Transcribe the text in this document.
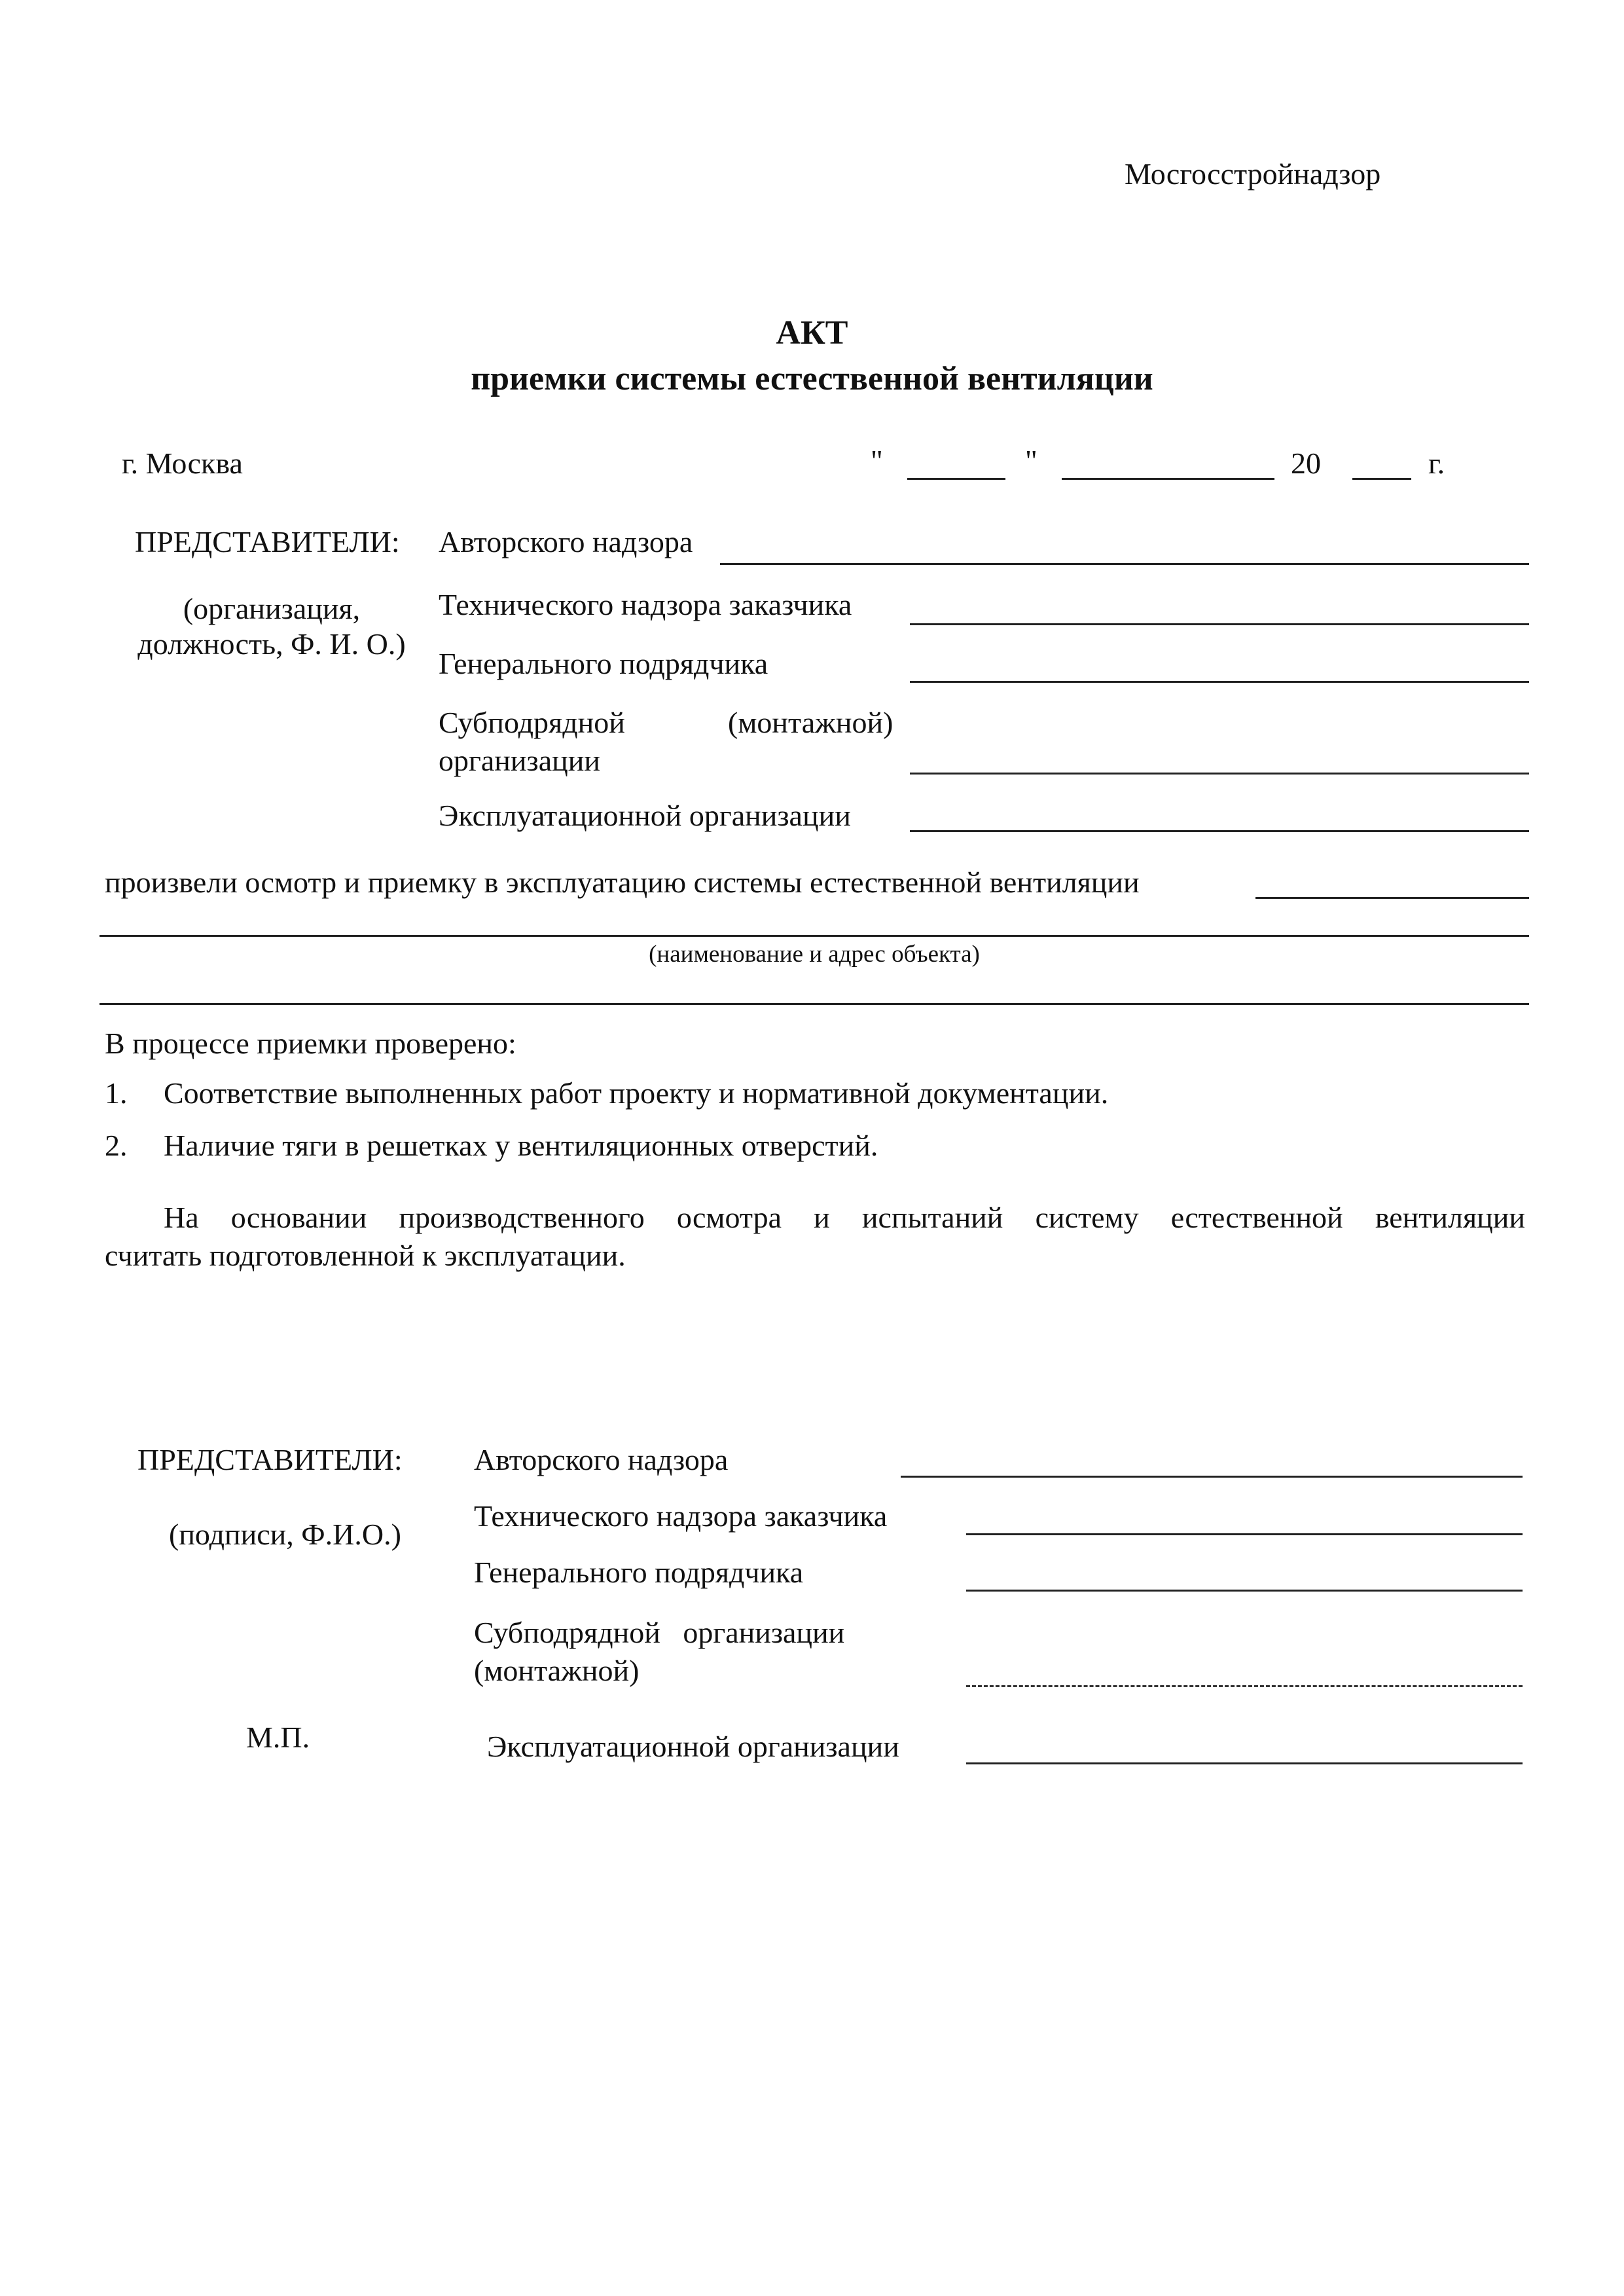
Мосгосстройнадзор
АКТ
приемки системы естественной вентиляции
г. Москва	"	"	20	г.
ПРЕДСТАВИТЕЛИ:
(организация,
должность, Ф. И. О.)
Авторского надзора
Технического надзора заказчика
Генерального подрядчика
Субподрядной	(монтажной)
организации
Эксплуатационной организации
произвели осмотр и приемку в эксплуатацию системы естественной вентиляции
(наименование и адрес объекта)
В процессе приемки проверено:
1. Соответствие выполненных работ проекту и нормативной документации.
2. Наличие тяги в решетках у вентиляционных отверстий.
На основании производственного осмотра и испытаний систему естественной вентиляции
считать подготовленной к эксплуатации.
ПРЕДСТАВИТЕЛИ:
(подписи, Ф.И.О.)
Авторского надзора
Технического надзора заказчика
Генерального подрядчика
Субподрядной   организации
(монтажной)
М.П.	Эксплуатационной организации
